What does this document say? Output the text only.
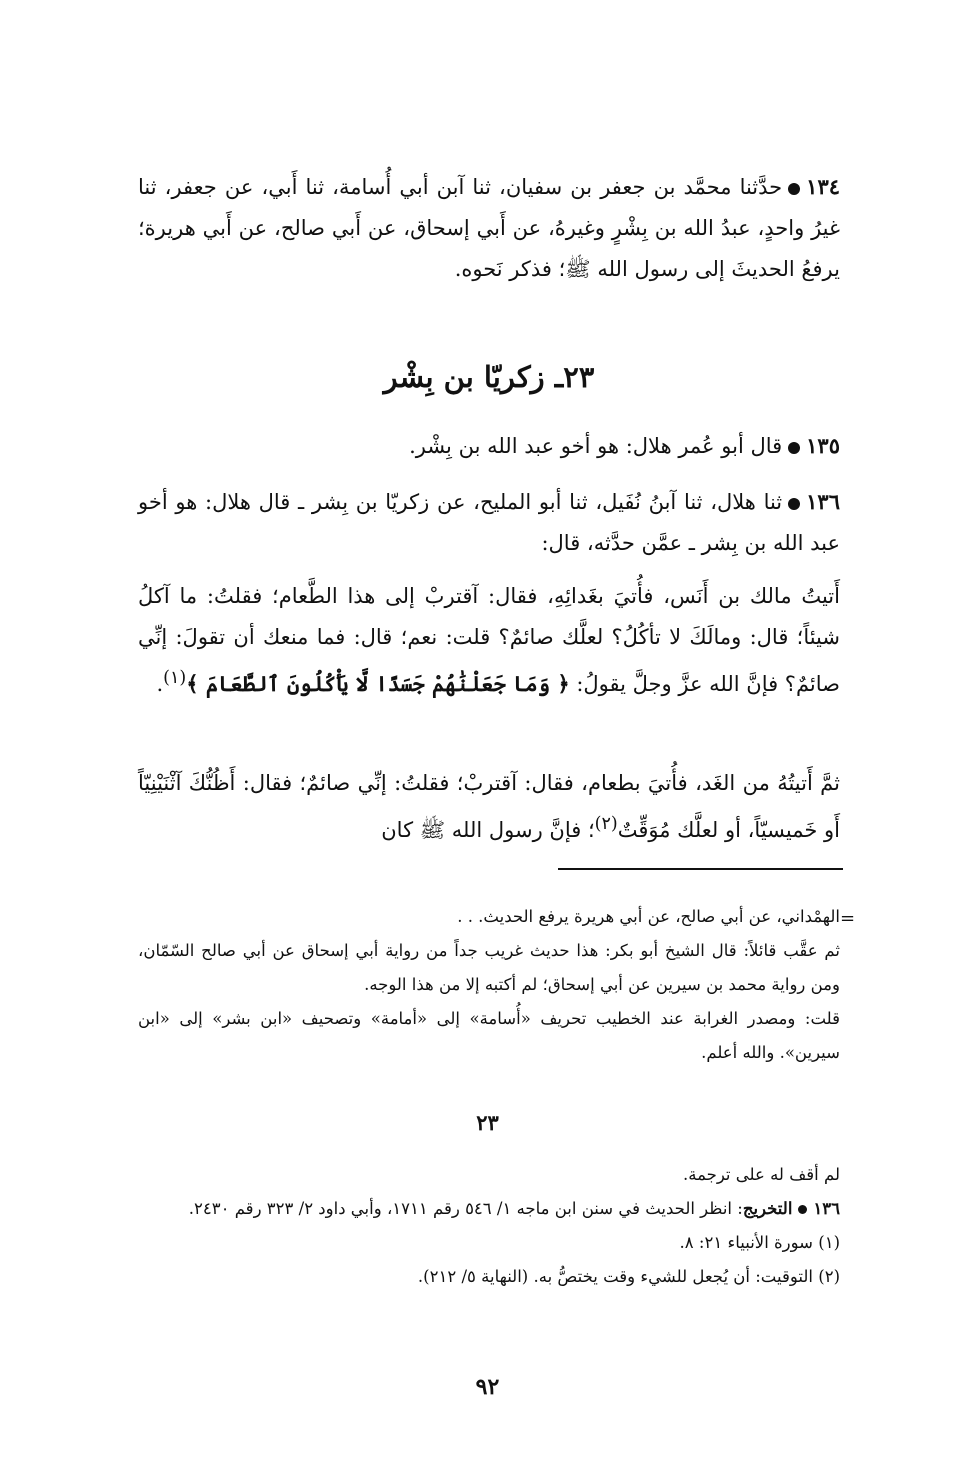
١٣٤حدَّثنا محمَّد بن جعفر بن سفيان، ثنا آبن أبي أُسامة، ثنا أَبي، عن جعفر، ثنا غيرُ واحدٍ، عبدُ الله بن بِشْرٍ وغيرهُ، عن أَبي إسحاق، عن أَبي صالح، عن أَبي هريرة؛ يرفعُ الحديثَ إلى رسول الله ﷺ؛ فذكر نَحوه.

٢٣ـ زكريّا بن بِشْر

١٣٥قال أبو عُمر هلال: هو أخو عبد الله بن بِشْر.

١٣٦ثنا هلال، ثنا آبنُ نُفَيل، ثنا أبو المليح، عن زكريّا بن بِشر ـ قال هلال: هو أخو عبد الله بن بِشر ـ عمَّن حدَّثه، قال:

أَتيتُ مالك بن أَنَس، فأُتيَ بغَدائِهِ، فقال: آقتربْ إلى هذا الطَّعام؛ فقلتُ: ما آكلُ شيئاً؛ قال: ومالَكَ لا تأكُلُ؟ لعلَّك صائمٌ؟ قلت: نعم؛ قال: فما منعك أن تقولَ: إنِّي صائمٌ؟ فإنَّ الله عزَّ وجلَّ يقولُ: ﴿ وَمَا جَعَلْنَٰهُمْ جَسَدًا لَّا يَأْكُلُونَ ٱلطَّعَامَ ﴾$^{(١)}$.

ثمَّ أَتيتُهُ من الغَد، فأُتيَ بطعام، فقال: آقتربْ؛ فقلتُ: إنِّي صائمٌ؛ فقال: أَظُنُّكَ آثْنَيْنِيّاً أَو خَميسيّاً، أو لعلَّك مُوَقِّتٌ$^{(٢)}$؛ فإنَّ رسول الله ﷺ كان

=

الهمْداني، عن أبي صالح، عن أبي هريرة يرفع الحديث. . .

ثم عقَّب قائلاً: قال الشيخ أبو بكر: هذا حديث غريب جداً من رواية أبي إسحاق عن أبي صالح السّمّان، ومن رواية محمد بن سيرين عن أبي إسحاق؛ لم أكتبه إلا من هذا الوجه.

قلت: ومصدر الغرابة عند الخطيب تحريف «أُسامة» إلى «أمامة» وتصحيف «ابن بشر» إلى «ابن سيرين». والله أعلم.

٢٣

لم أقف له على ترجمة.

١٣٦التخريج: انظر الحديث في سنن ابن ماجه ١/ ٥٤٦ رقم ١٧١١، وأبي داود ٢/ ٣٢٣ رقم ٢٤٣٠.

(١) سورة الأنبياء ٢١: ٨.

(٢) التوقيت: أن يُجعل للشيء وقت يختصُّ به. (النهاية ٥/ ٢١٢).

٩٢
